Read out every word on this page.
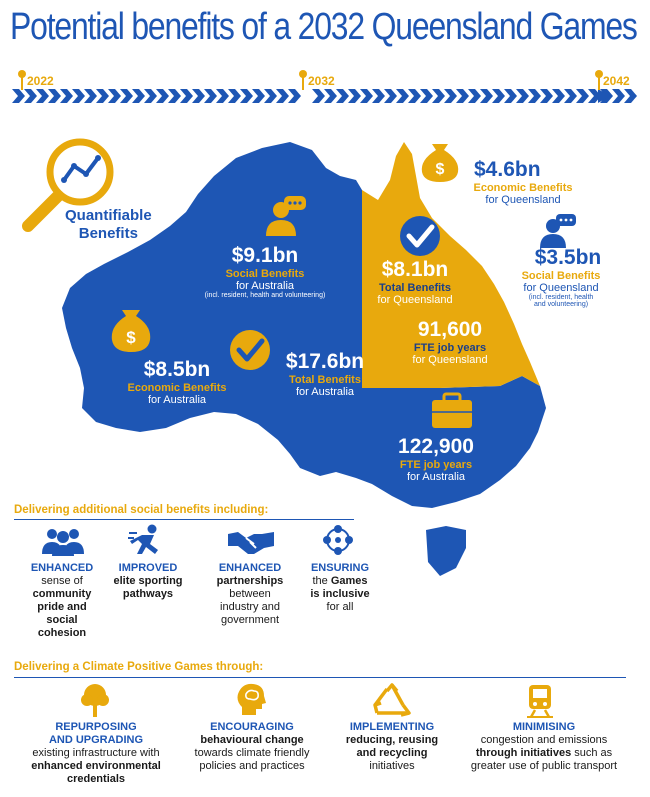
Potential benefits of a 2032 Queensland Games
2022	2032	2042
$
$
Quantifiable
Benefits
$4.6bn
Economic Benefits
for Queensland
$9.1bn
Social Benefits
for Australia
(incl. resident, health and volunteering)
$8.1bn
Total Benefits
for Queensland
$3.5bn
Social Benefits
for Queensland
(incl. resident, health
and volunteering)
91,600
FTE job years
for Queensland
$8.5bn
Economic Benefits
for Australia
$17.6bn
Total Benefits
for Australia
122,900
FTE job years
for Australia
Delivering additional social benefits including:
ENHANCED
sense of
community
pride and
social
cohesion
IMPROVED
elite sporting
pathways
ENHANCED
partnerships
between
industry and
government
ENSURING
the Games
is inclusive
for all
Delivering a Climate Positive Games through:
REPURPOSING
AND UPGRADING
existing infrastructure with
enhanced environmental
credentials
ENCOURAGING
behavioural change
towards climate friendly
policies and practices
IMPLEMENTING
reducing, reusing
and recycling
initiatives
MINIMISING
congestion and emissions
through initiatives such as
greater use of public transport
